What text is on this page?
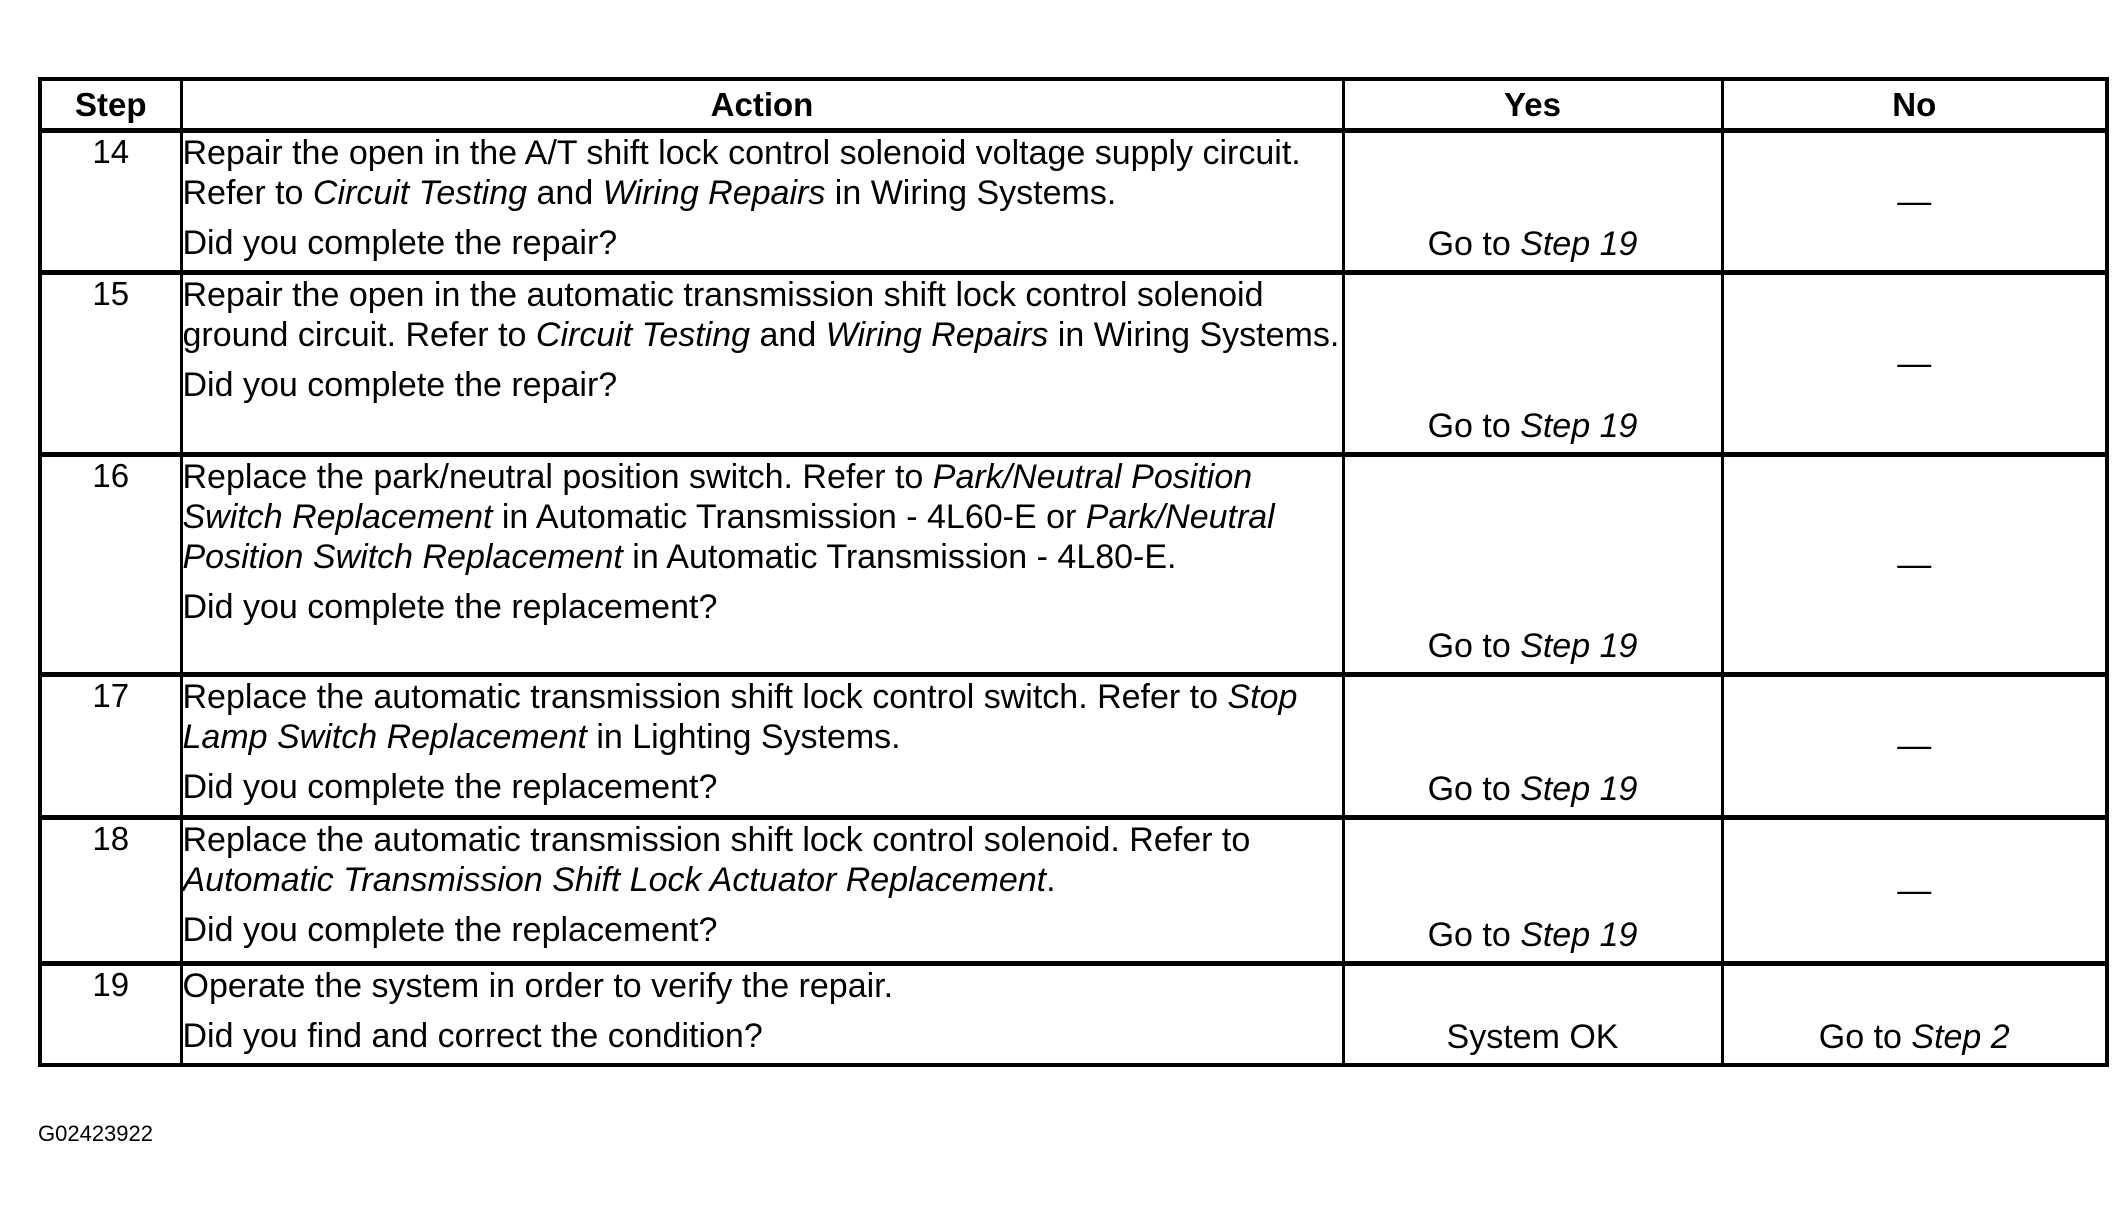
Step	Action	Yes	No
14	Repair the open in the A/T shift lock control solenoid voltage supply circuit. Refer to Circuit Testing and Wiring Repairs in Wiring Systems.
Did you complete the repair?	Go to Step 19	—

15	Repair the open in the automatic transmission shift lock control solenoid ground circuit. Refer to Circuit Testing and Wiring Repairs in Wiring Systems.
Did you complete the repair?	Go to Step 19	—

16	Replace the park/neutral position switch. Refer to Park/Neutral Position Switch Replacement in Automatic Transmission - 4L60-E or Park/Neutral Position Switch Replacement in Automatic Transmission - 4L80-E.
Did you complete the replacement?	Go to Step 19	—

17	Replace the automatic transmission shift lock control switch. Refer to Stop Lamp Switch Replacement in Lighting Systems.
Did you complete the replacement?	Go to Step 19	—

18	Replace the automatic transmission shift lock control solenoid. Refer to Automatic Transmission Shift Lock Actuator Replacement.
Did you complete the replacement?	Go to Step 19	—

19	Operate the system in order to verify the repair.
Did you find and correct the condition?	System OK	Go to Step 2
G02423922
